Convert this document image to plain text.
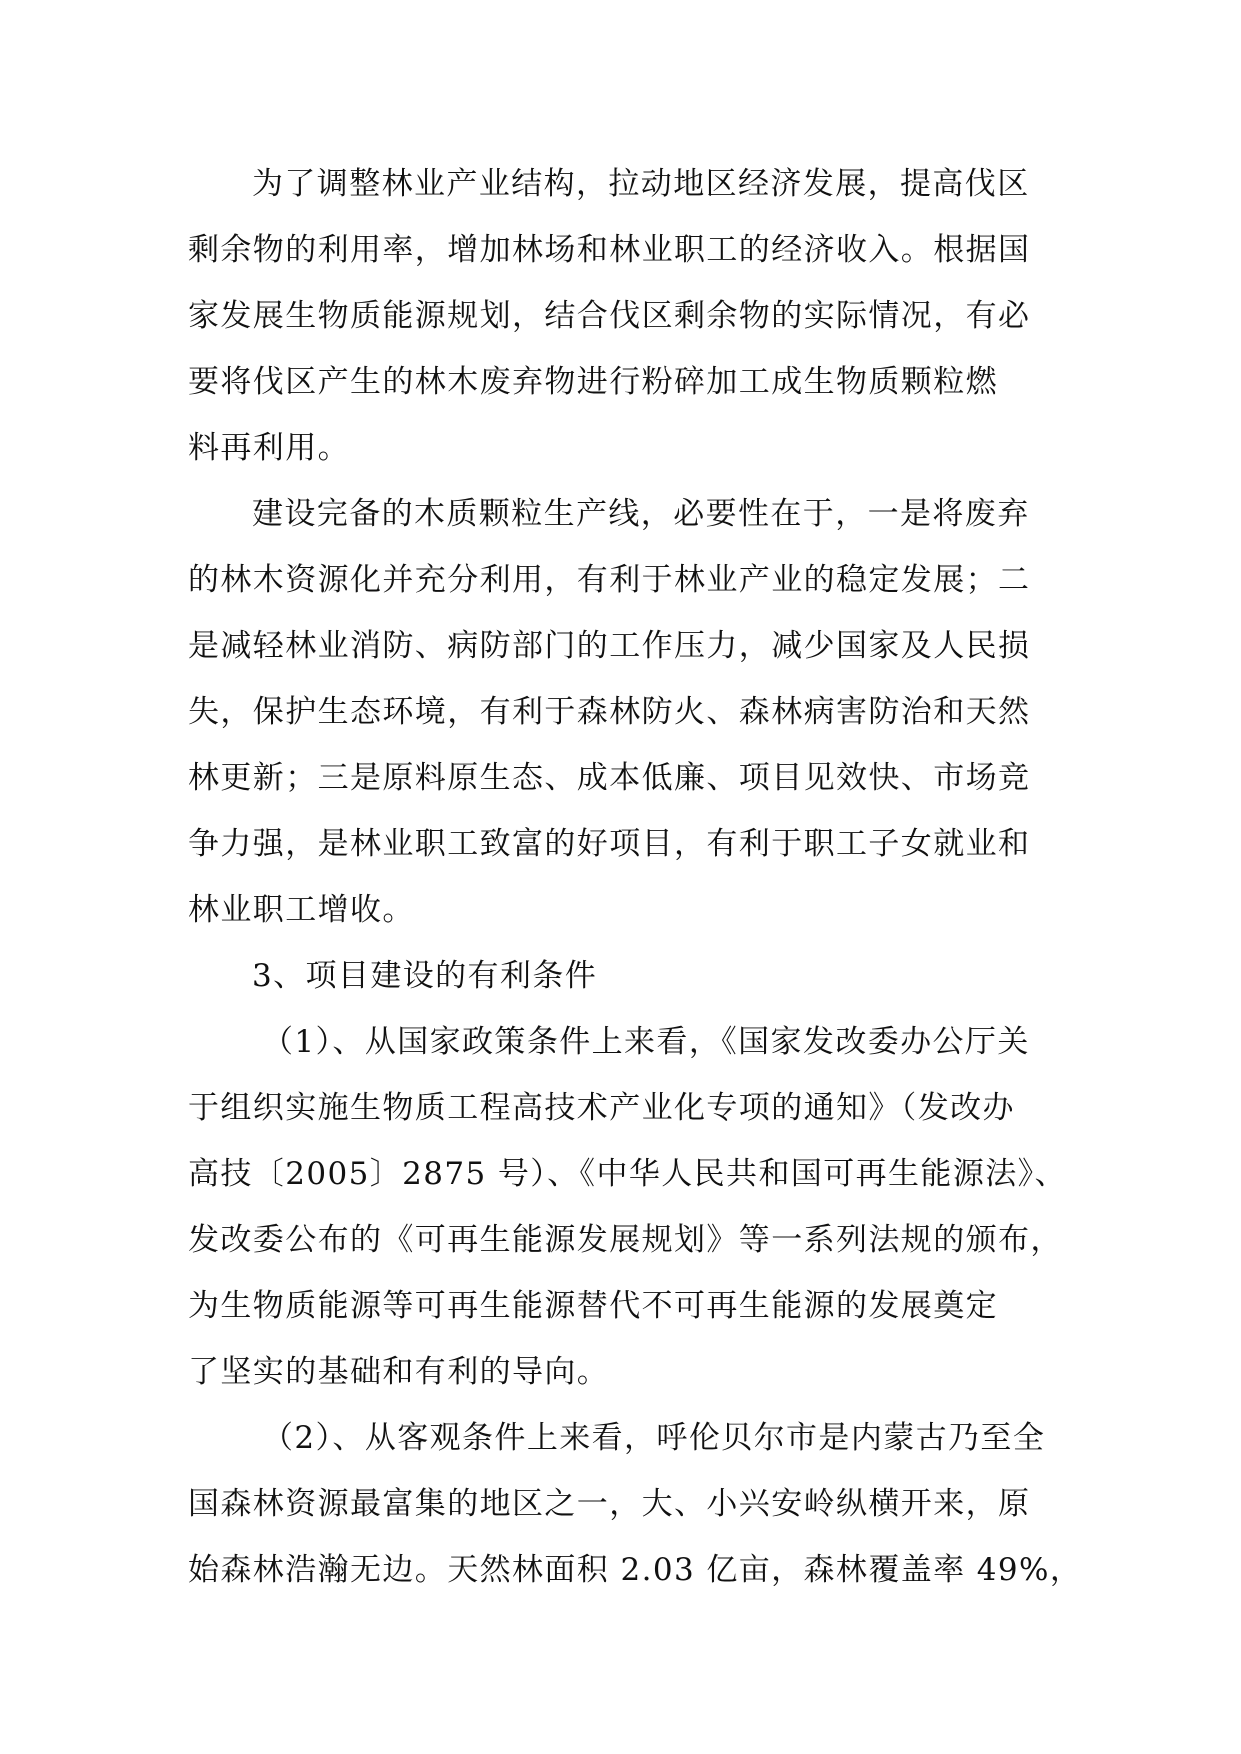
为了调整林业产业结构，拉动地区经济发展，提高伐区
剩余物的利用率，增加林场和林业职工的经济收入。根据国
家发展生物质能源规划，结合伐区剩余物的实际情况，有必
要将伐区产生的林木废弃物进行粉碎加工成生物质颗粒燃
料再利用。
建设完备的木质颗粒生产线，必要性在于，一是将废弃
的林木资源化并充分利用，有利于林业产业的稳定发展；二
是减轻林业消防、病防部门的工作压力，减少国家及人民损
失，保护生态环境，有利于森林防火、森林病害防治和天然
林更新；三是原料原生态、成本低廉、项目见效快、市场竞
争力强，是林业职工致富的好项目，有利于职工子女就业和
林业职工增收。
3、项目建设的有利条件
（1）、从国家政策条件上来看，《国家发改委办公厅关
于组织实施生物质工程高技术产业化专项的通知》（发改办
高技〔2005〕2875 号）、《中华人民共和国可再生能源法》、
发改委公布的《可再生能源发展规划》等一系列法规的颁布，
为生物质能源等可再生能源替代不可再生能源的发展奠定
了坚实的基础和有利的导向。
（2）、从客观条件上来看，呼伦贝尔市是内蒙古乃至全
国森林资源最富集的地区之一，大、小兴安岭纵横开来，原
始森林浩瀚无边。天然林面积 2.03 亿亩，森林覆盖率 49%，
